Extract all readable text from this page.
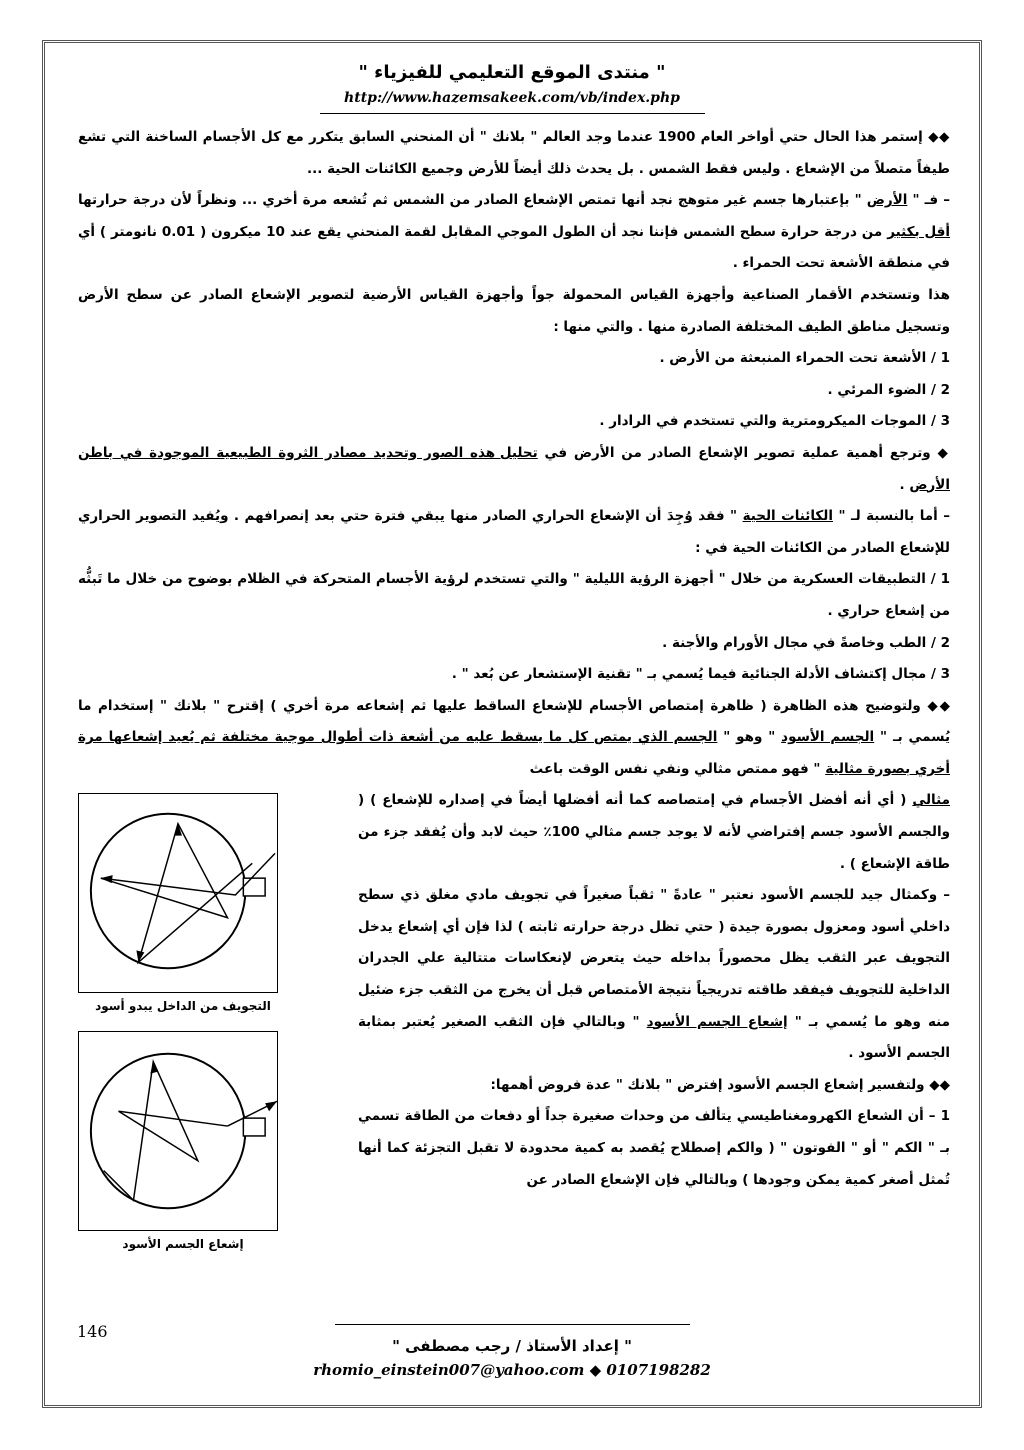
" منتدى الموقع التعليمي للفيزياء "
http://www.hazemsakeek.com/vb/index.php

◆◆ إستمر هذا الحال حتي أواخر العام 1900 عندما وجد العالم " بلانك " أن المنحني السابق يتكرر مع كل الأجسام الساخنة التي تشع طيفاً متصلاً من الإشعاع . وليس فقط الشمس . بل يحدث ذلك أيضاً للأرض وجميع الكائنات الحية ...

– فـ " الأرض " بإعتبارها جسم غير متوهج نجد أنها تمتص الإشعاع الصادر من الشمس ثم تُشعه مرة أخري ... ونظراً لأن درجة حرارتها أقل بكثير من درجة حرارة سطح الشمس فإننا نجد أن الطول الموجي المقابل لقمة المنحني يقع عند 10 ميكرون ( 0.01 نانومتر ) أي في منطقة الأشعة تحت الحمراء .

هذا وتستخدم الأقمار الصناعية وأجهزة القياس المحمولة جواً وأجهزة القياس الأرضية لتصوير الإشعاع الصادر عن سطح الأرض وتسجيل مناطق الطيف المختلفة الصادرة منها . والتي منها :

1 / الأشعة تحت الحمراء المنبعثة من الأرض .

2 / الضوء المرئي .

3 / الموجات الميكرومترية والتي تستخدم في الرادار .

◆ وترجع أهمية عملية تصوير الإشعاع الصادر من الأرض في تحليل هذه الصور وتحديد مصادر الثروة الطبيعية الموجودة في باطن الأرض .

– أما بالنسبة لـ " الكائنات الحية " فقد وُجِدَ أن الإشعاع الحراري الصادر منها يبقي فترة حتي بعد إنصرافهم . ويُفيد التصوير الحراري للإشعاع الصادر من الكائنات الحية في :

1 / التطبيقات العسكرية من خلال " أجهزة الرؤية الليلية " والتي تستخدم لرؤية الأجسام المتحركة في الظلام بوضوح من خلال ما تَبثُّه من إشعاع حراري .

2 / الطب وخاصةً في مجال الأورام والأجنة .

3 / مجال إكتشاف الأدلة الجنائية فيما يُسمي بـ " تقنية الإستشعار عن بُعد " .

◆◆ ولتوضيح هذه الظاهرة ( ظاهرة إمتصاص الأجسام للإشعاع الساقط عليها ثم إشعاعه مرة أخري ) إقترح " بلانك " إستخدام ما يُسمي بـ " الجسم الأسود " وهو " الجسم الذي يمتص كل ما يسقط عليه من أشعة ذات أطوال موجية مختلفة ثم يُعيد إشعاعها مرة أخري بصورة مثالية " فهو ممتص مثالي ونفي نفس الوقت باعث

التجويف من الداخل يبدو أسود
إشعاع الجسم الأسود

مثالي ( أي أنه أفضل الأجسام في إمتصاصه كما أنه أفضلها أيضاً في إصداره للإشعاع ) ( والجسم الأسود جسم إفتراضي لأنه لا يوجد جسم مثالي 100٪ حيث لابد وأن يُفقد جزء من طاقة الإشعاع ) .

– وكمثال جيد للجسم الأسود نعتبر " عادةً " ثقباً صغيراً في تجويف مادي مغلق ذي سطح داخلي أسود ومعزول بصورة جيدة ( حتي تظل درجة حرارته ثابته ) لذا فإن أي إشعاع يدخل التجويف عبر الثقب يظل محصوراً بداخله حيث يتعرض لإنعكاسات متتالية علي الجدران الداخلية للتجويف فيفقد طاقته تدريجياً نتيجة الأمتصاص قبل أن يخرج من الثقب جزء ضئيل منه وهو ما يُسمي بـ " إشعاع الجسم الأسود " وبالتالي فإن الثقب الصغير يُعتبر بمثابة الجسم الأسود .

◆◆ ولتفسير إشعاع الجسم الأسود إفترض " بلانك " عدة فروض أهمها:

1 – أن الشعاع الكهرومغناطيسي يتألف من وحدات صغيرة جداً أو دفعات من الطاقة تسمي بـ " الكم " أو " الفوتون " ( والكم إصطلاح يُقصد به كمية محدودة لا تقبل التجزئة كما أنها تُمثل أصغر كمية يمكن وجودها ) وبالتالي فإن الإشعاع الصادر عن

146
" إعداد الأستاذ / رجب مصطفى "
rhomio_einstein007@yahoo.com ◆ 0107198282
